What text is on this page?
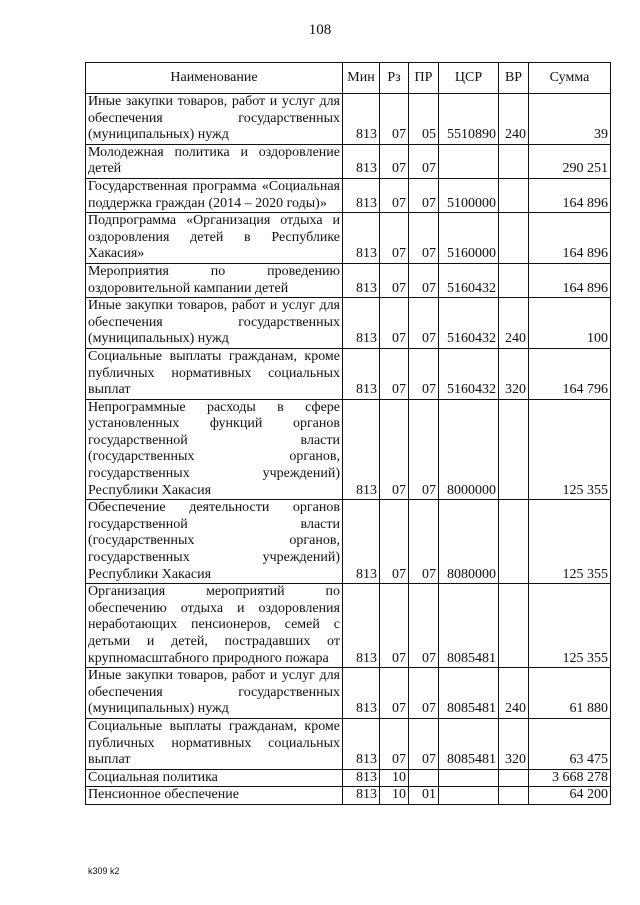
108
Наименование	Мин	Рз	ПР	ЦСР	ВР	Сумма
Иные закупки товаров, работ и услуг для обеспечения государственных (муниципальных) нужд	813	07	05	5510890	240	39
Молодежная политика и оздоровление детей	813	07	07			290 251
Государственная программа «Социальная поддержка граждан (2014 – 2020 годы)»	813	07	07	5100000		164 896
Подпрограмма «Организация отдыха и оздоровления детей в Республике Хакасия»	813	07	07	5160000		164 896
Мероприятия по проведению оздоровительной кампании детей	813	07	07	5160432		164 896
Иные закупки товаров, работ и услуг для обеспечения государственных (муниципальных) нужд	813	07	07	5160432	240	100
Социальные выплаты гражданам, кроме публичных нормативных социальных выплат	813	07	07	5160432	320	164 796
Непрограммные расходы в сфере установленных функций органов государственной власти (государственных органов, государственных учреждений) Республики Хакасия	813	07	07	8000000		125 355
Обеспечение деятельности органов государственной власти (государственных органов, государственных учреждений) Республики Хакасия	813	07	07	8080000		125 355
Организация мероприятий по обеспечению отдыха и оздоровления неработающих пенсионеров, семей с детьми и детей, пострадавших от крупномасштабного природного пожара	813	07	07	8085481		125 355
Иные закупки товаров, работ и услуг для обеспечения государственных (муниципальных) нужд	813	07	07	8085481	240	61 880
Социальные выплаты гражданам, кроме публичных нормативных социальных выплат	813	07	07	8085481	320	63 475
Социальная политика	813	10				3 668 278
Пенсионное обеспечение	813	10	01			64 200
k309 k2
